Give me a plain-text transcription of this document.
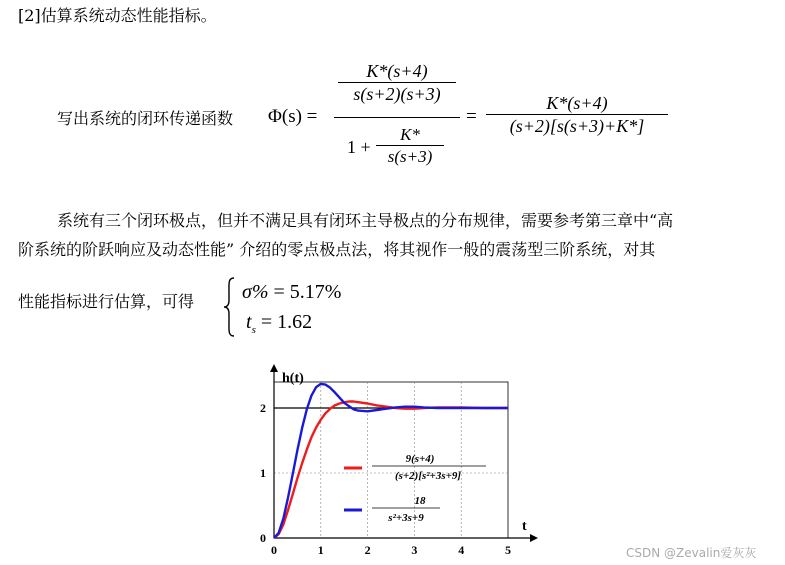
[2]估算系统动态性能指标。
写出系统的闭环传递函数 Φ(s) =
K*(s+4)
s(s+2)(s+3)
1 +
K*
s(s+3)
=
K*(s+4)
(s+2)[s(s+3)+K*]
系统有三个闭环极点，但并不满足具有闭环主导极点的分布规律，需要参考第三章中“高
阶系统的阶跃响应及动态性能” 介绍的零点极点法，将其视作一般的震荡型三阶系统，对其
性能指标进行估算，可得 σ% = 5.17%
$t_s = 1.62$
0	1	2	3	4	5
0
1
2
h(t)
t
9(s+4)
(s+2)[s²+3s+9]
18
s²+3s+9
CSDN @Zevalin爱灰灰
